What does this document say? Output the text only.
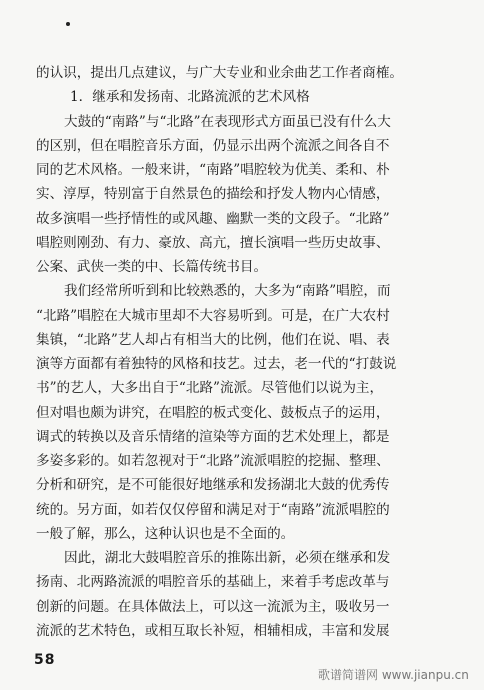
的认识，提出几点建议，与广大专业和业余曲艺工作者商榷。
1．继承和发扬南、北路流派的艺术风格
大鼓的“南路”与“北路”在表现形式方面虽已没有什么大
的区别，但在唱腔音乐方面，仍显示出两个流派之间各自不
同的艺术风格。一般来讲，“南路”唱腔较为优美、柔和、朴
实、淳厚，特别富于自然景色的描绘和抒发人物内心情感，
故多演唱一些抒情性的或风趣、幽默一类的文段子。“北路”
唱腔则刚劲、有力、豪放、高亢，擅长演唱一些历史故事、
公案、武侠一类的中、长篇传统书目。
我们经常所听到和比较熟悉的，大多为“南路”唱腔，而
“北路”唱腔在大城市里却不大容易听到。可是，在广大农村
集镇，“北路”艺人却占有相当大的比例，他们在说、唱、表
演等方面都有着独特的风格和技艺。过去，老一代的“打鼓说
书”的艺人，大多出自于“北路”流派。尽管他们以说为主，
但对唱也颇为讲究，在唱腔的板式变化、鼓板点子的运用，
调式的转换以及音乐情绪的渲染等方面的艺术处理上，都是
多姿多彩的。如若忽视对于“北路”流派唱腔的挖掘、整理、
分析和研究，是不可能很好地继承和发扬湖北大鼓的优秀传
统的。另方面，如若仅仅停留和满足对于“南路”流派唱腔的
一般了解，那么，这种认识也是不全面的。
因此，湖北大鼓唱腔音乐的推陈出新，必须在继承和发
扬南、北两路流派的唱腔音乐的基础上，来着手考虑改革与
创新的问题。在具体做法上，可以这一流派为主，吸收另一
流派的艺术特色，或相互取长补短，相辅相成，丰富和发展
58
歌谱简谱网 www.jianpu.cn
